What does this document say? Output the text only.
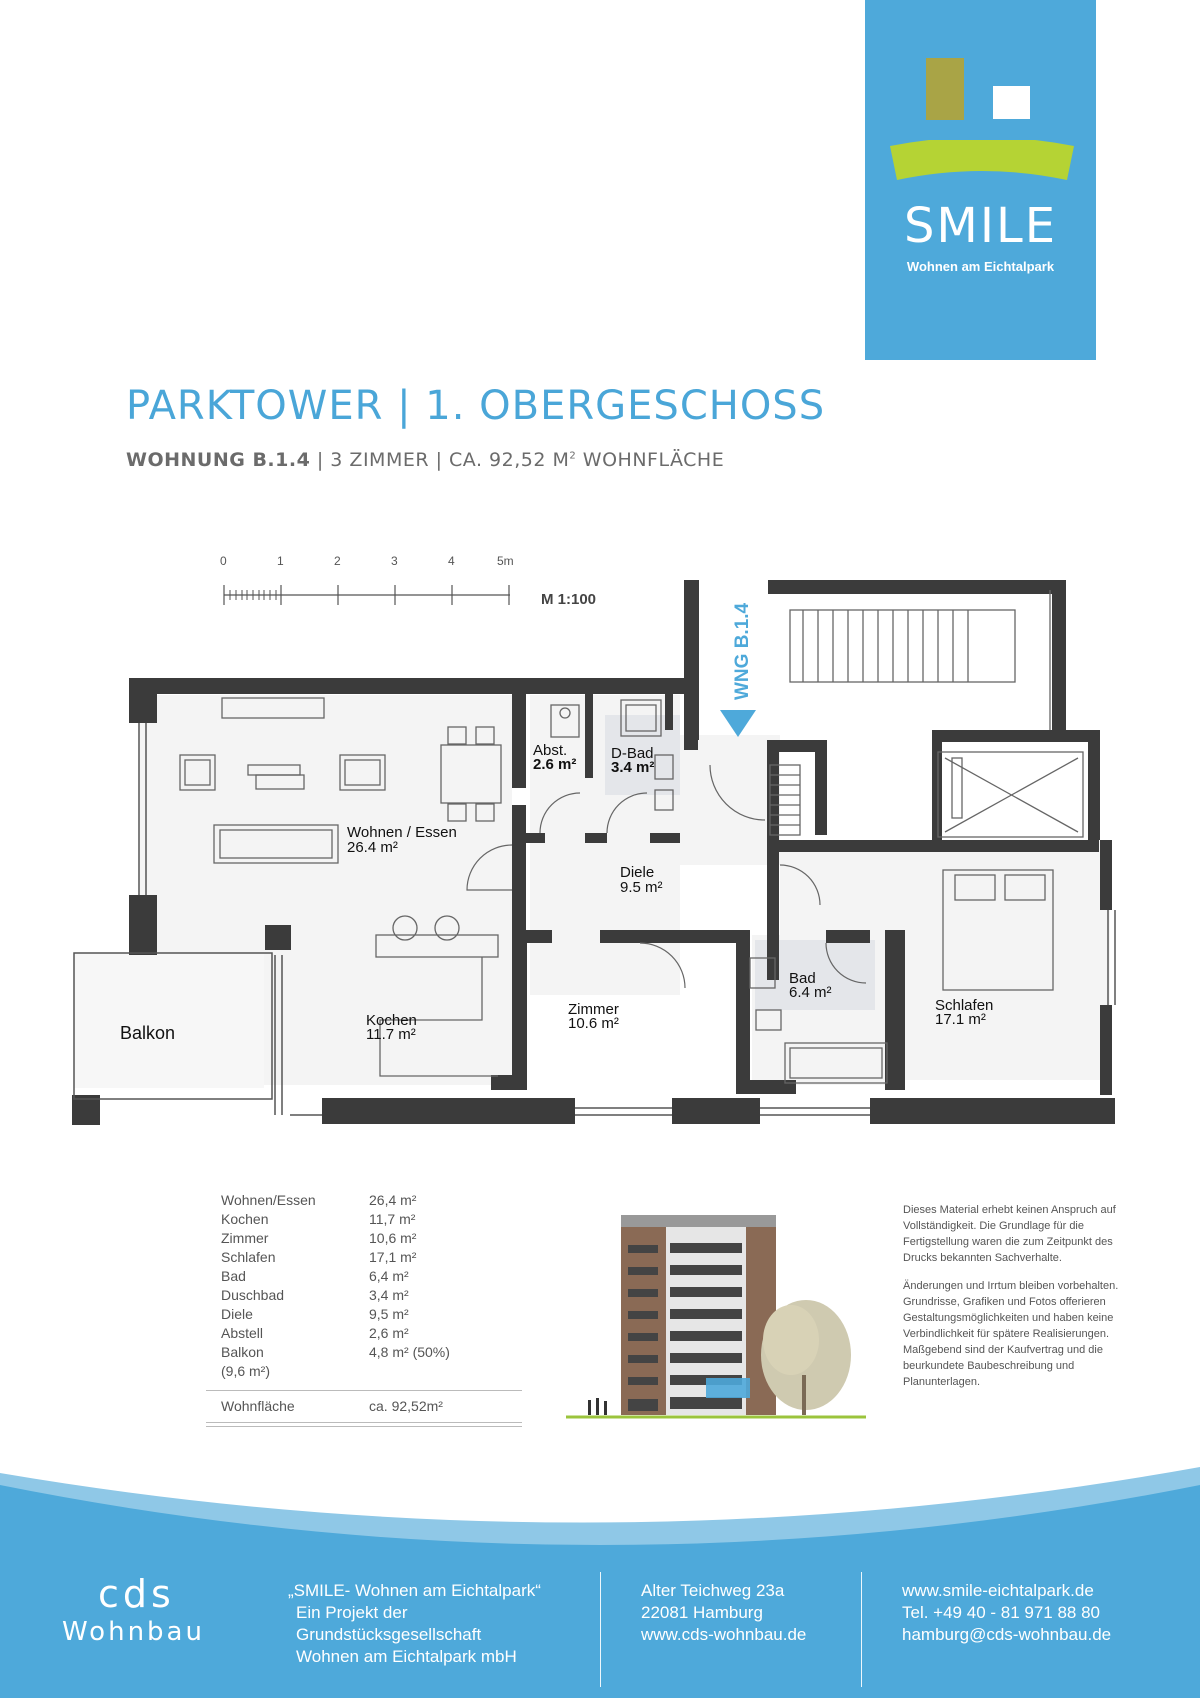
SMILE
Wohnen am Eichtalpark
PARKTOWER | 1. OBERGESCHOSS
WOHNUNG B.1.4 | 3 ZIMMER | CA. 92,52 $M^2$ WOHNFLÄCHE
0	1	2	3	4	5m
M 1:100
WNG B.1.4
Wohnen / Essen
26.4 m²
Abst.
2.6 m²
D-Bad
3.4 m²
Diele
9.5 m²
Kochen
11.7 m²
Zimmer
10.6 m²
Bad
6.4 m²
Schlafen
17.1 m²
Balkon
Wohnen/Essen	26,4 m²
Kochen	11,7 m²
Zimmer	10,6 m²
Schlafen	17,1 m²
Bad	6,4 m²
Duschbad	3,4 m²
Diele	9,5 m²
Abstell	2,6 m²
Balkon	4,8 m² (50%)
(9,6 m²)
Wohnfläche	ca. 92,52m²

Dieses Material erhebt keinen Anspruch auf Vollständigkeit. Die Grundlage für die Fertigstellung waren die zum Zeitpunkt des Drucks bekannten Sachverhalte.

Änderungen und Irrtum bleiben vorbehalten. Grundrisse, Grafiken und Fotos offerieren Gestaltungsmöglichkeiten und haben keine Verbindlichkeit für spätere Realisierungen. Maßgebend sind der Kaufvertrag und die beurkundete Baubeschreibung und Planunterlagen.

cds
Wohnbau
„SMILE- Wohnen am Eichtalpark“
Ein Projekt der
Grundstücksgesellschaft
Wohnen am Eichtalpark mbH
Alter Teichweg 23a
22081 Hamburg
www.cds-wohnbau.de
www.smile-eichtalpark.de
Tel. +49 40 - 81 971 88 80
hamburg@cds-wohnbau.de
